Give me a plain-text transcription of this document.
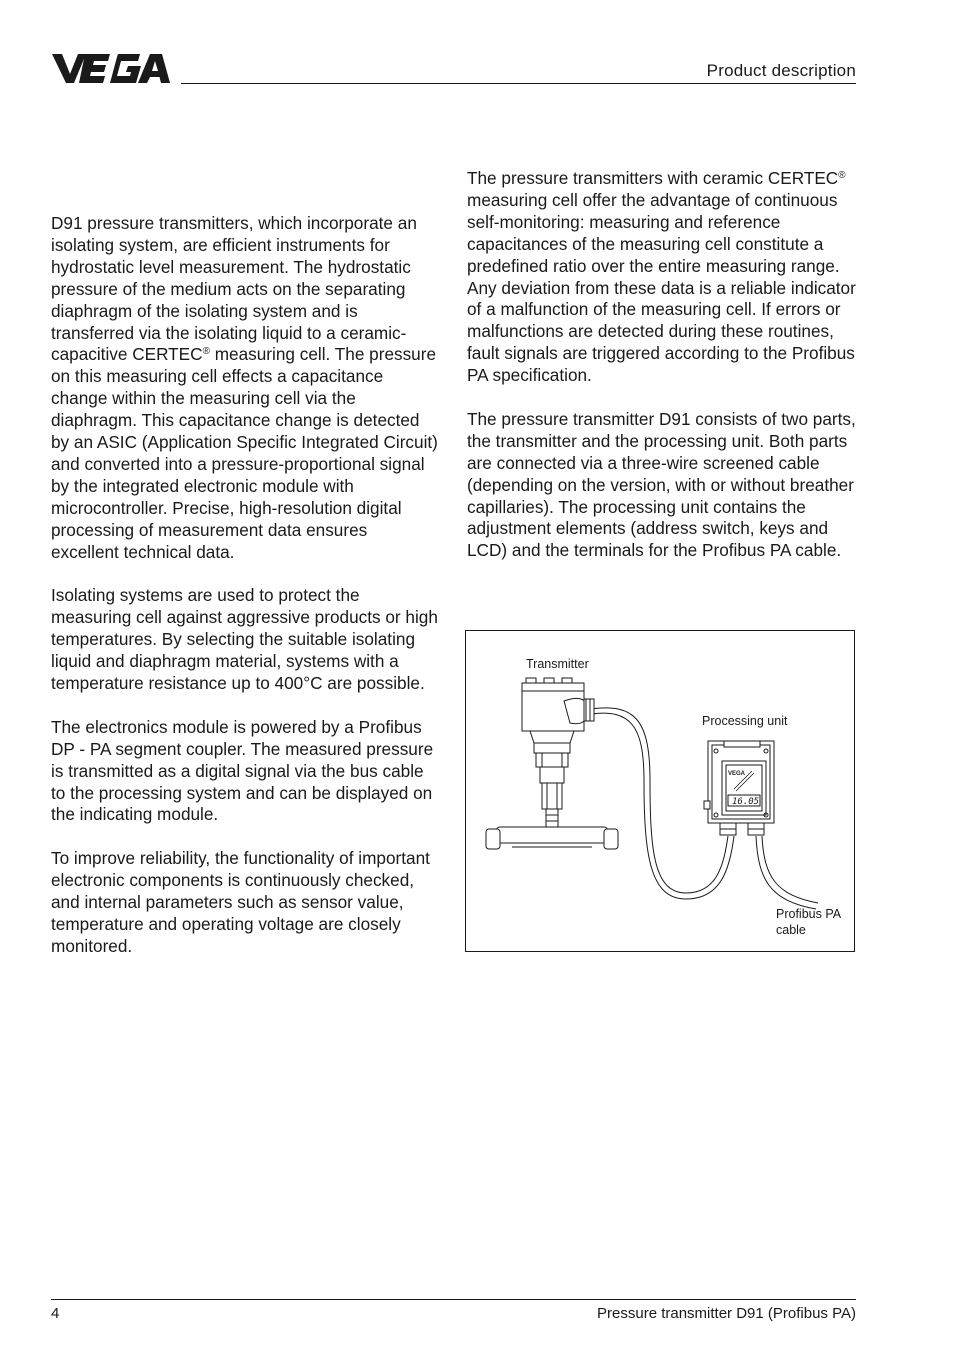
Product description

D91 pressure transmitters, which incorporate an isolating system, are efficient instruments for hydrostatic level measurement. The hydrostatic pressure of the medium acts on the separating diaphragm of the isolating system and is transferred via the isolating liquid to a ceramic-capacitive CERTEC® measuring cell. The pressure on this measuring cell effects a capacitance change within the measuring cell via the diaphragm. This capacitance change is detected by an ASIC (Application Specific Integrated Circuit) and converted into a pressure-proportional signal by the integrated electronic module with microcontroller. Precise, high-resolution digital processing of measurement data ensures excellent technical data.

Isolating systems are used to protect the measuring cell against aggressive products or high temperatures. By selecting the suitable isolating liquid and diaphragm material, systems with a temperature resistance up to 400°C are possible.

The electronics module is powered by a Profibus DP - PA segment coupler. The measured pressure is transmitted as a digital signal via the bus cable to the processing system and can be displayed on the indicating module.

To improve reliability, the functionality of important electronic components is continuously checked, and internal parameters such as sensor value, temperature and operating voltage are closely monitored.

The pressure transmitters with ceramic CERTEC® measuring cell offer the advantage of continuous self-monitoring: measuring and reference capacitances of the measuring cell constitute a predefined ratio over the entire measuring range. Any deviation from these data is a reliable indicator of a malfunction of the measuring cell. If errors or malfunctions are detected during these routines, fault signals are triggered according to the Profibus PA specification.

The pressure transmitter D91 consists of two parts, the transmitter and the processing unit. Both parts are connected via a three-wire screened cable (depending on the version, with or without breather capillaries). The processing unit contains the adjustment elements (address switch, keys and LCD) and the terminals for the Profibus PA cable.

VEGA
16.05
Transmitter
Processing unit
Profibus PA
cable
4	Pressure transmitter D91 (Profibus PA)
